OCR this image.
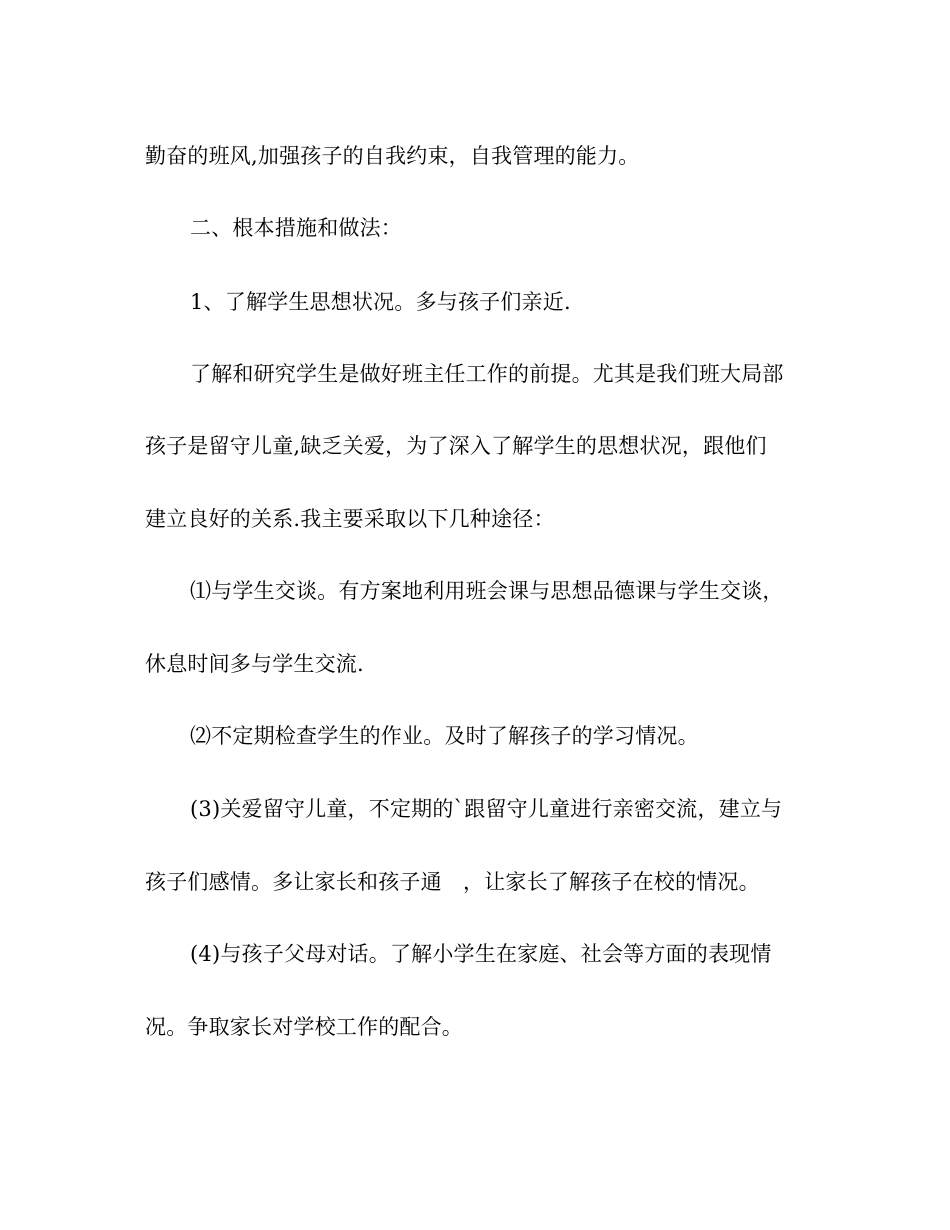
勤奋的班风,加强孩子的自我约束，自我管理的能力。
二、根本措施和做法：
1、了解学生思想状况。多与孩子们亲近.
了解和研究学生是做好班主任工作的前提。尤其是我们班大局部
孩子是留守儿童,缺乏关爱，为了深入了解学生的思想状况，跟他们
建立良好的关系.我主要采取以下几种途径：
⑴与学生交谈。有方案地利用班会课与思想品德课与学生交谈，
休息时间多与学生交流.
⑵不定期检查学生的作业。及时了解孩子的学习情况。
(3)关爱留守儿童，不定期的`跟留守儿童进行亲密交流，建立与
孩子们感情。多让家长和孩子通　，让家长了解孩子在校的情况。
(4)与孩子父母对话。了解小学生在家庭、社会等方面的表现情
况。争取家长对学校工作的配合。
